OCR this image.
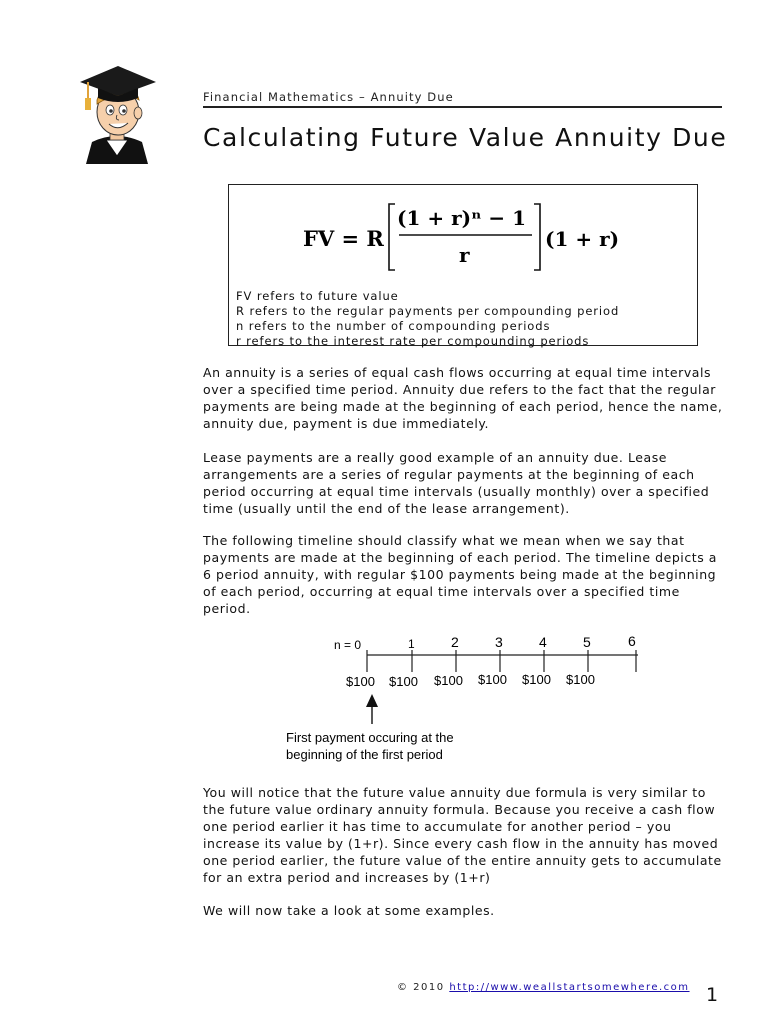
Financial Mathematics – Annuity Due
Calculating Future Value Annuity Due
FV = R
(1 + r)ⁿ − 1
r
(1 + r)
FV refers to future value
R refers to the regular payments per compounding period
n refers to the number of compounding periods
r refers to the interest rate per compounding periods

An annuity is a series of equal cash flows occurring at equal time intervals over a specified time period. Annuity due refers to the fact that the regular payments are being made at the beginning of each period, hence the name, annuity due, payment is due immediately.

Lease payments are a really good example of an annuity due. Lease arrangements are a series of regular payments at the beginning of each period occurring at equal time intervals (usually monthly) over a specified time (usually until the end of the lease arrangement).

The following timeline should classify what we mean when we say that payments are made at the beginning of each period. The timeline depicts a 6 period annuity, with regular $100 payments being made at the beginning of each period, occurring at equal time intervals over a specified time period.

n = 0	1	2	3	4	5	6
$100 $100 $100 $100 $100 $100
First payment occuring at the
beginning of the first period

You will notice that the future value annuity due formula is very similar to the future value ordinary annuity formula. Because you receive a cash flow one period earlier it has time to accumulate for another period – you increase its value by (1+r). Since every cash flow in the annuity has moved one period earlier, the future value of the entire annuity gets to accumulate for an extra period and increases by (1+r)

We will now take a look at some examples.

© 2010 http://www.weallstartsomewhere.com 1
